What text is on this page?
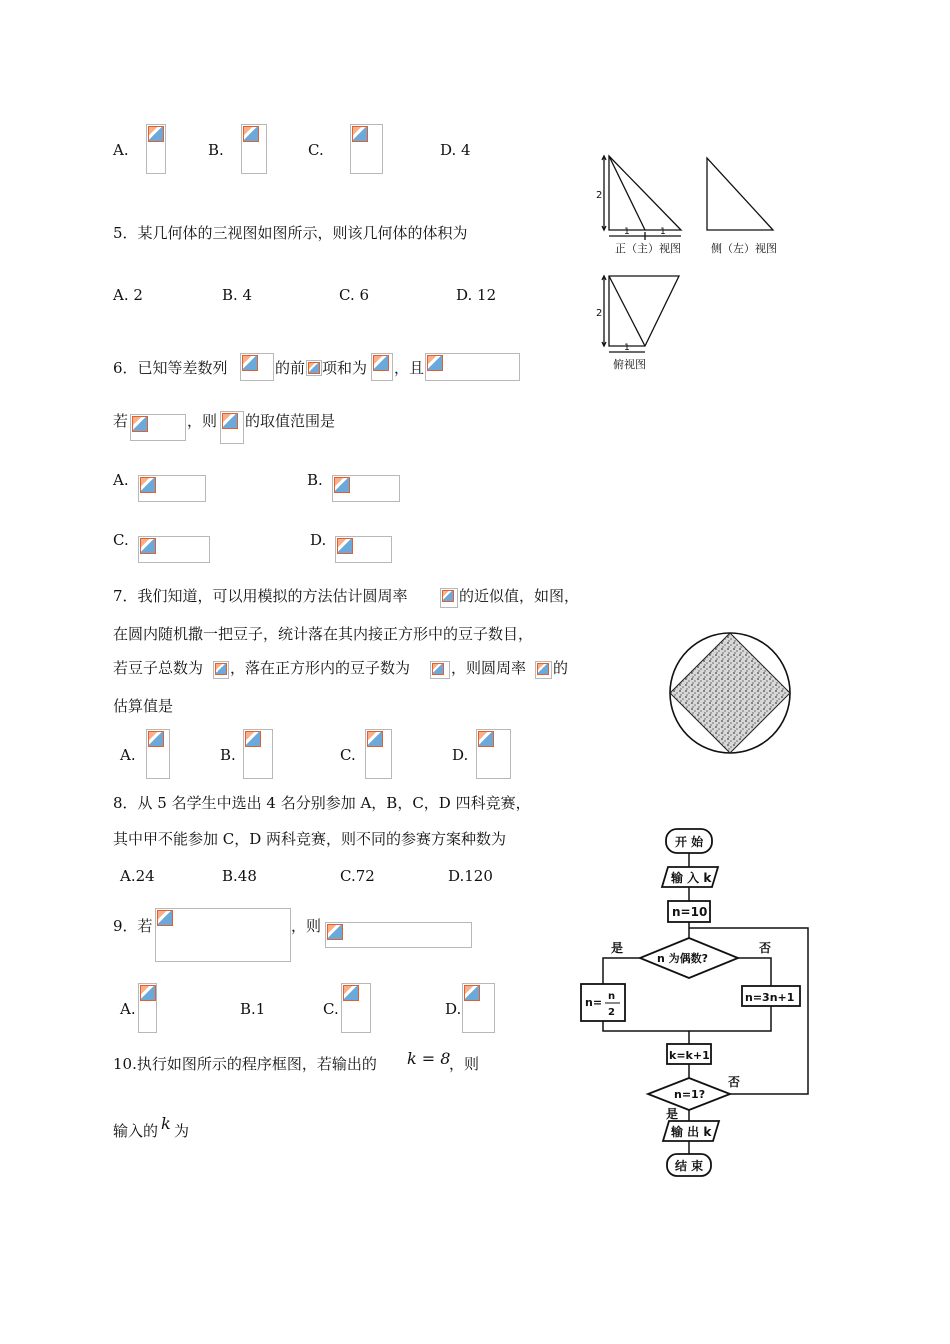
A.	B.	C.	D. 4
5．某几何体的三视图如图所示，则该几何体的体积为
A. 2	B. 4	C. 6	D. 12
2
1	1
正（主）视图	侧（左）视图
2
1
俯视图
6．已知等差数列	的前 项和为 ，且
若	，则 的取值范围是
A.	B.
C.	D.
7．我们知道，可以用模拟的方法估计圆周率	的近似值，如图，
在圆内随机撒一把豆子，统计落在其内接正方形中的豆子数目，
若豆子总数为 ，落在正方形内的豆子数为	，则圆周率 的
估算值是
A.	B.	C.	D.
8．从 5 名学生中选出 4 名分别参加 A，B，C，D 四科竞赛，
其中甲不能参加 C，D 两科竞赛，则不同的参赛方案种数为
A.24	B.48	C.72	D.120
9．若	，则
A.	B.1	C.	D.
10.执行如图所示的程序框图，若输出的 k = 8
，则
输入的 k 为
开 始
输 入 k
n=10
n 为偶数?
是	否
n= n
2
n=3n+1
k=k+1
n=1?
否
是
输 出 k
结 束
